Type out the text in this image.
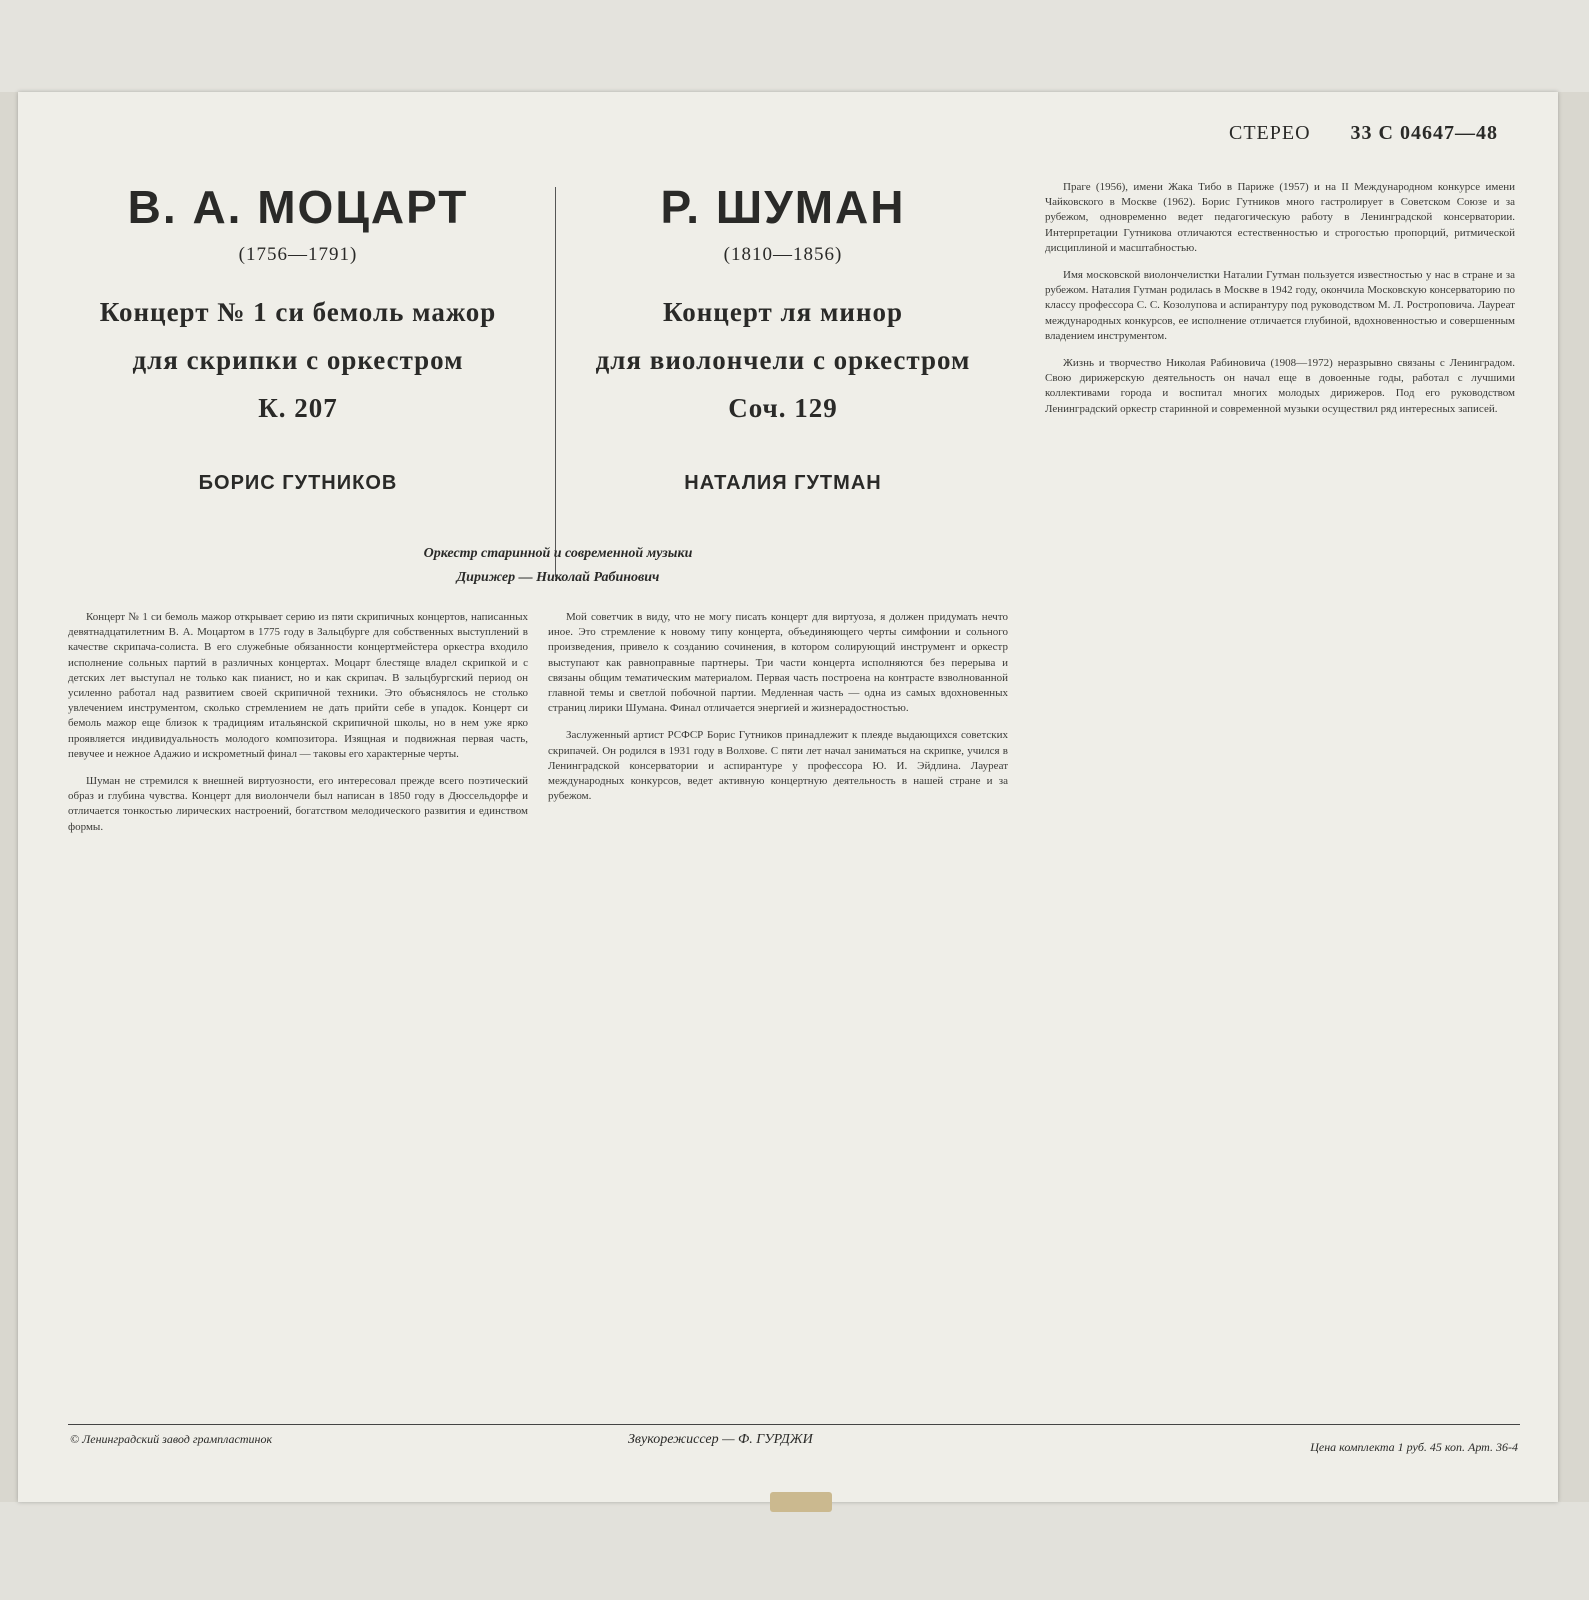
СТЕРЕО 33 С 04647—48
В. А. МОЦАРТ
(1756—1791)
Концерт № 1 си бемоль мажор
для скрипки с оркестром
К. 207
БОРИС ГУТНИКОВ
Р. ШУМАН
(1810—1856)
Концерт ля минор
для виолончели с оркестром
Соч. 129
НАТАЛИЯ ГУТМАН
Оркестр старинной и современной музыки
Дирижер — Николай Рабинович

Концерт № 1 си бемоль мажор открывает серию из пяти скрипичных концертов, написанных девятнадцатилетним В. А. Моцартом в 1775 году в Зальцбурге для собственных выступлений в качестве скрипача-солиста. В его служебные обязанности концертмейстера оркестра входило исполнение сольных партий в различных концертах. Моцарт блестяще владел скрипкой и с детских лет выступал не только как пианист, но и как скрипач. В зальцбургский период он усиленно работал над развитием своей скрипичной техники. Это объяснялось не столько увлечением инструментом, сколько стремлением не дать прийти себе в упадок. Концерт си бемоль мажор еще близок к традициям итальянской скрипичной школы, но в нем уже ярко проявляется индивидуальность молодого композитора. Изящная и подвижная первая часть, певучее и нежное Адажио и искрометный финал — таковы его характерные черты.

Шуман не стремился к внешней виртуозности, его интересовал прежде всего поэтический образ и глубина чувства. Концерт для виолончели был написан в 1850 году в Дюссельдорфе и отличается тонкостью лирических настроений, богатством мелодического развития и единством формы.

Мой советчик в виду, что не могу писать концерт для виртуоза, я должен придумать нечто иное. Это стремление к новому типу концерта, объединяющего черты симфонии и сольного произведения, привело к созданию сочинения, в котором солирующий инструмент и оркестр выступают как равноправные партнеры. Три части концерта исполняются без перерыва и связаны общим тематическим материалом. Первая часть построена на контрасте взволнованной главной темы и светлой побочной партии. Медленная часть — одна из самых вдохновенных страниц лирики Шумана. Финал отличается энергией и жизнерадостностью.

Заслуженный артист РСФСР Борис Гутников принадлежит к плеяде выдающихся советских скрипачей. Он родился в 1931 году в Волхове. С пяти лет начал заниматься на скрипке, учился в Ленинградской консерватории и аспирантуре у профессора Ю. И. Эйдлина. Лауреат международных конкурсов, ведет активную концертную деятельность в нашей стране и за рубежом.

Праге (1956), имени Жака Тибо в Париже (1957) и на II Международном конкурсе имени Чайковского в Москве (1962). Борис Гутников много гастролирует в Советском Союзе и за рубежом, одновременно ведет педагогическую работу в Ленинградской консерватории. Интерпретации Гутникова отличаются естественностью и строгостью пропорций, ритмической дисциплиной и масштабностью.

Имя московской виолончелистки Наталии Гутман пользуется известностью у нас в стране и за рубежом. Наталия Гутман родилась в Москве в 1942 году, окончила Московскую консерваторию по классу профессора С. С. Козолупова и аспирантуру под руководством М. Л. Ростроповича. Лауреат международных конкурсов, ее исполнение отличается глубиной, вдохновенностью и совершенным владением инструментом.

Жизнь и творчество Николая Рабиновича (1908—1972) неразрывно связаны с Ленинградом. Свою дирижерскую деятельность он начал еще в довоенные годы, работал с лучшими коллективами города и воспитал многих молодых дирижеров. Под его руководством Ленинградский оркестр старинной и современной музыки осуществил ряд интересных записей.

© Ленинградский завод грампластинок	Звукорежиссер — Ф. ГУРДЖИ	Цена комплекта 1 руб. 45 коп. Арт. 36-4
